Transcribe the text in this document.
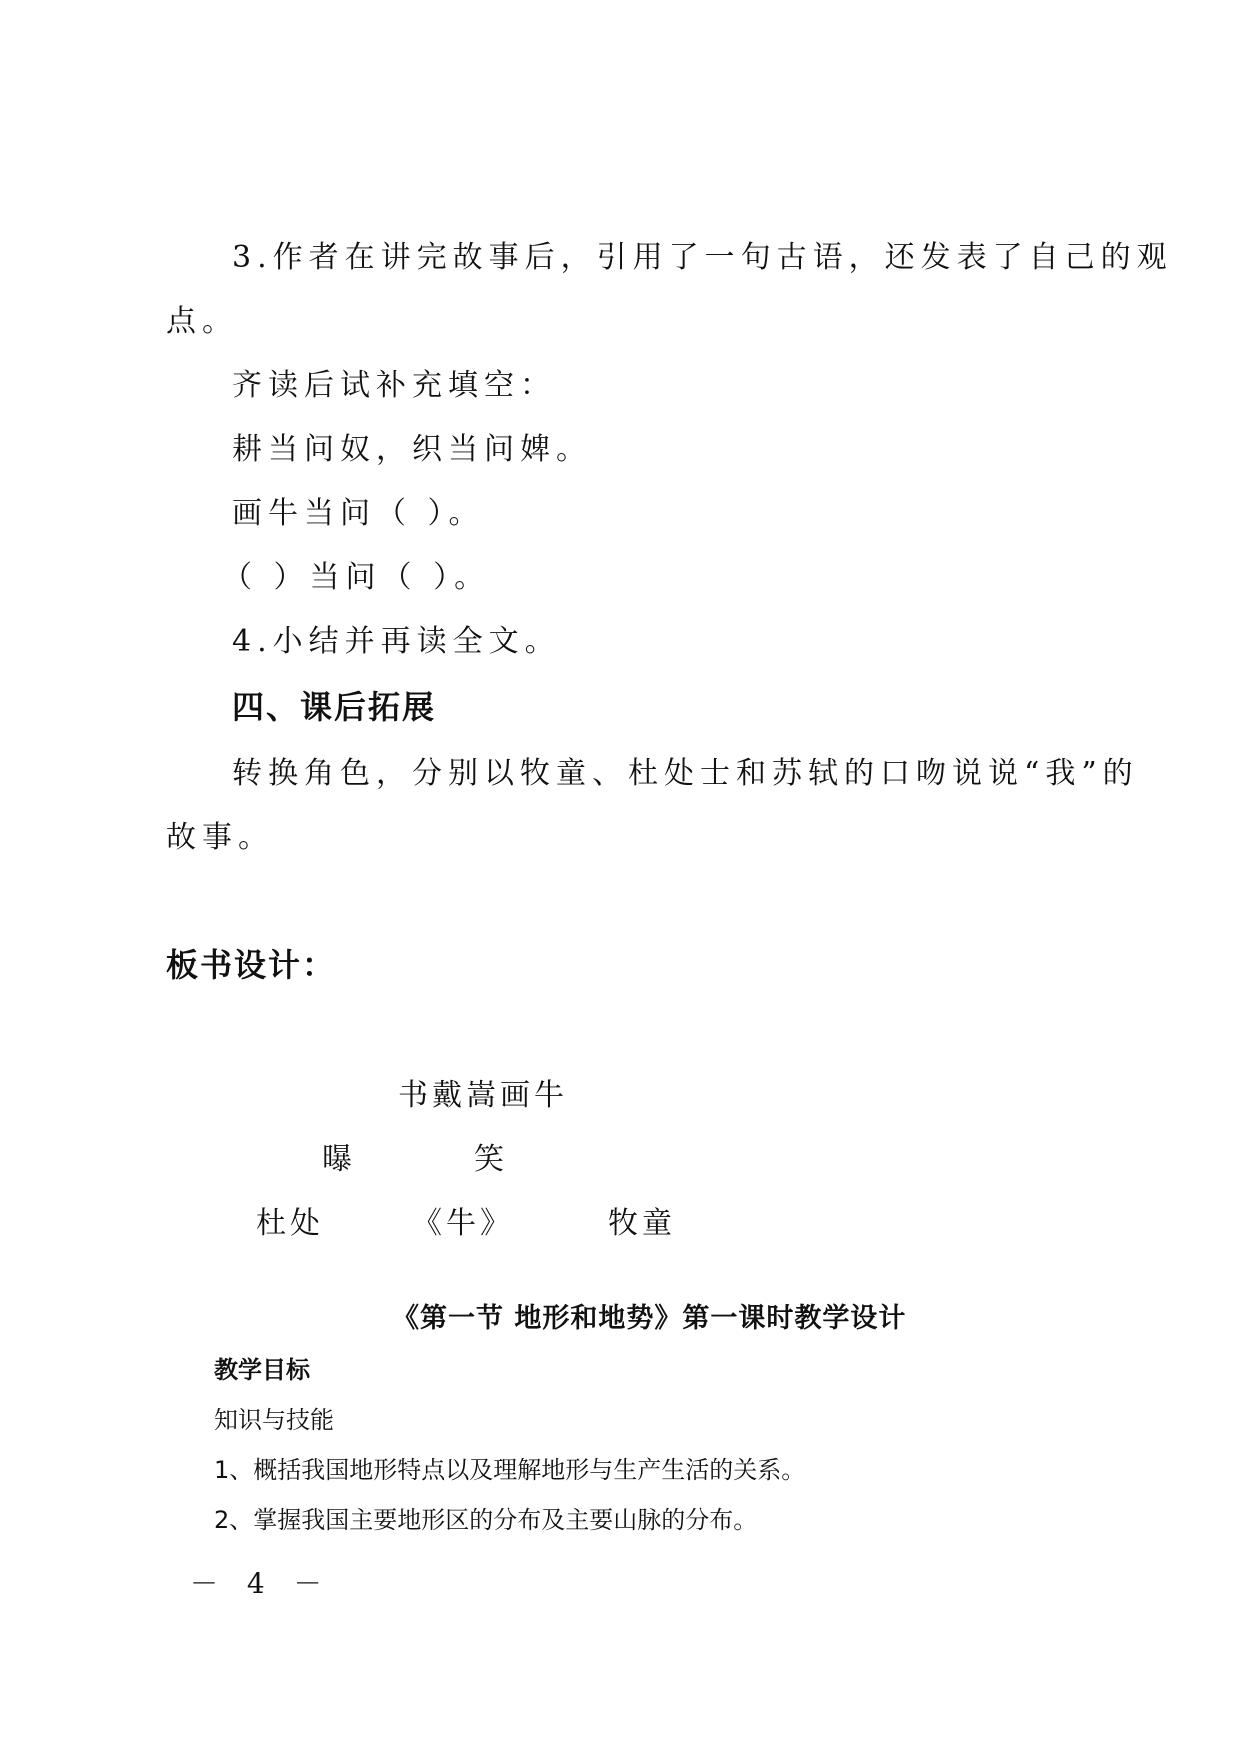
3.作者在讲完故事后，引用了一句古语，还发表了自己的观
点。
齐读后试补充填空：
耕当问奴，织当问婢。
画牛当问（ ）。
（ ）当问（ ）。
4.小结并再读全文。
四、课后拓展
转换角色，分别以牧童、杜处士和苏轼的口吻说说“我”的
故事。
板书设计：
书戴嵩画牛
曝	笑
杜处	《牛》	牧童
《第一节 地形和地势》第一课时教学设计
教学目标
知识与技能
1、概括我国地形特点以及理解地形与生产生活的关系。
2、掌握我国主要地形区的分布及主要山脉的分布。
－ 4 －
